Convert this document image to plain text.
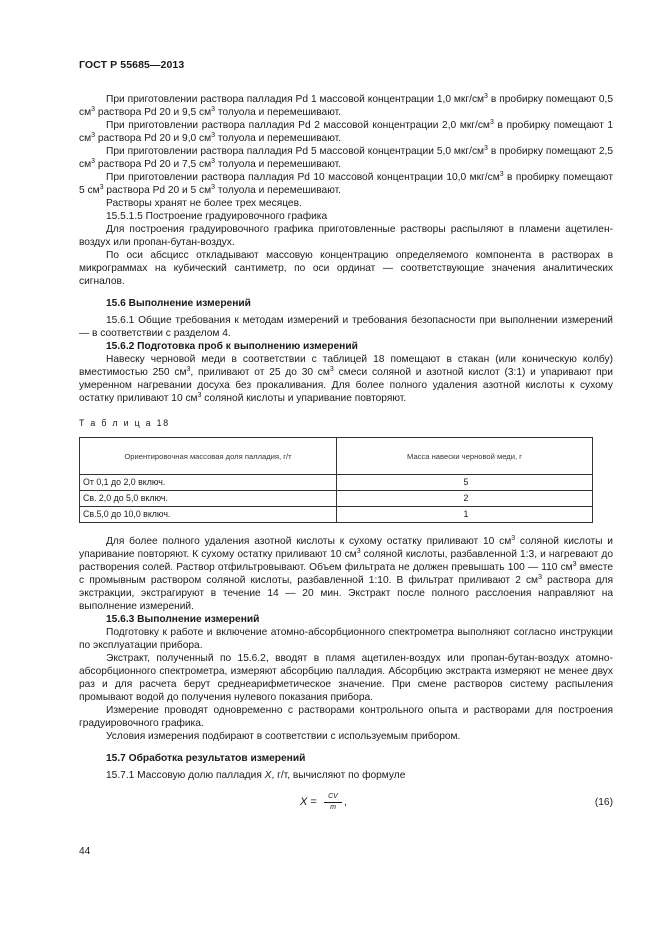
ГОСТ Р 55685—2013

При приготовлении раствора палладия Pd 1 массовой концентрации 1,0 мкг/$см^3$ в пробирку помещают 0,5 $см^3$ раствора Pd 20 и 9,5 $см^3$ толуола и перемешивают.

При приготовлении раствора палладия Pd 2 массовой концентрации 2,0 мкг/$см^3$ в пробирку помещают 1 $см^3$ раствора Pd 20 и 9,0 $см^3$ толуола и перемешивают.

При приготовлении раствора палладия Pd 5 массовой концентрации 5,0 мкг/$см^3$ в пробирку помещают 2,5 $см^3$ раствора Pd 20 и 7,5 $см^3$ толуола и перемешивают.

При приготовлении раствора палладия Pd 10 массовой концентрации 10,0 мкг/$см^3$ в пробирку помещают 5 $см^3$ раствора Pd 20 и 5 $см^3$ толуола и перемешивают.

Растворы хранят не более трех месяцев.

15.5.1.5 Построение градуировочного графика

Для построения градуировочного графика приготовленные растворы распыляют в пламени ацетилен-воздух или пропан-бутан-воздух.

По оси абсцисс откладывают массовую концентрацию определяемого компонента в растворах в микрограммах на кубический сантиметр, по оси ординат — соответствующие значения аналитических сигналов.

15.6 Выполнение измерений

15.6.1 Общие требования к методам измерений и требования безопасности при выполнении измерений — в соответствии с разделом 4.

15.6.2 Подготовка проб к выполнению измерений

Навеску черновой меди в соответствии с таблицей 18 помещают в стакан (или коническую колбу) вместимостью 250 $см^3$, приливают от 25 до 30 $см^3$ смеси соляной и азотной кислот (3:1) и упаривают при умеренном нагревании досуха без прокаливания. Для более полного удаления азотной кислоты к сухому остатку приливают 10 $см^3$ соляной кислоты и упаривание повторяют.

Т а б л и ц а 18
Ориентировочная массовая доля палладия, г/т	Масса навески черновой меди, г
От 0,1 до 2,0 включ.	5
Св. 2,0 до 5,0 включ.	2
Св.5,0 до 10,0 включ.	1

Для более полного удаления азотной кислоты к сухому остатку приливают 10 $см^3$ соляной кислоты и упаривание повторяют. К сухому остатку приливают 10 $см^3$ соляной кислоты, разбавленной 1:3, и нагревают до растворения солей. Раствор отфильтровывают. Объем фильтрата не должен превышать 100 — 110 $см^3$ вместе с промывным раствором соляной кислоты, разбавленной 1:10. В фильтрат приливают 2 $см^3$ раствора для экстракции, экстрагируют в течение 14 — 20 мин. Экстракт после полного расслоения направляют на выполнение измерений.

15.6.3 Выполнение измерений

Подготовку к работе и включение атомно-абсорбционного спектрометра выполняют согласно инструкции по эксплуатации прибора.

Экстракт, полученный по 15.6.2, вводят в пламя ацетилен-воздух или пропан-бутан-воздух атомно-абсорбционного спектрометра, измеряют абсорбцию палладия. Абсорбцию экстракта измеряют не менее двух раз и для расчета берут среднеарифметическое значение. При смене растворов систему распыления промывают водой до получения нулевого показания прибора.

Измерение проводят одновременно с растворами контрольного опыта и растворами для построения градуировочного графика.

Условия измерения подбирают в соответствии с используемым прибором.

15.7 Обработка результатов измерений

15.7.1 Массовую долю палладия X, г/т, вычисляют по формуле

$X = \frac{CV}{m}$ ,	(16)
44
